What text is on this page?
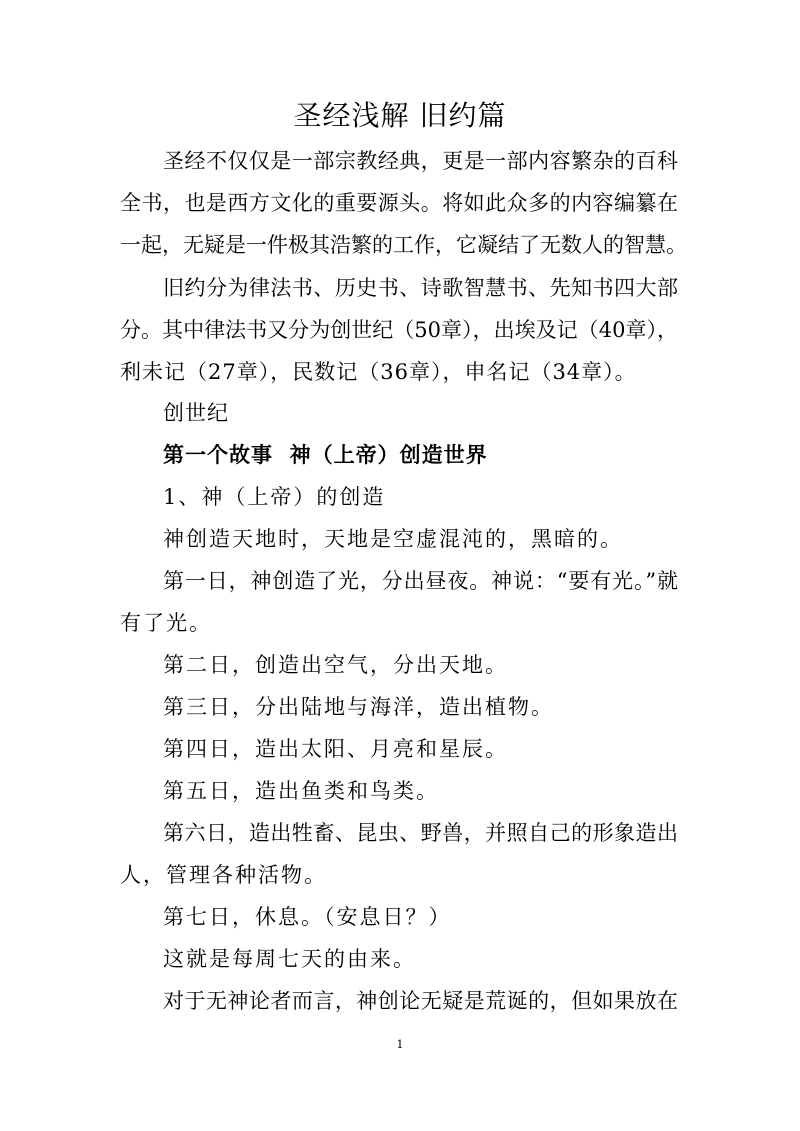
圣经浅解 旧约篇
圣经不仅仅是一部宗教经典，更是一部内容繁杂的百科
全书，也是西方文化的重要源头。将如此众多的内容编纂在
一起，无疑是一件极其浩繁的工作，它凝结了无数人的智慧。
旧约分为律法书、历史书、诗歌智慧书、先知书四大部
分。其中律法书又分为创世纪（50章），出埃及记（40章），
利未记（27章），民数记（36章），申名记（34章）。
创世纪
第一个故事  神（上帝）创造世界
1、神（上帝）的创造
神创造天地时，天地是空虚混沌的，黑暗的。
第一日，神创造了光，分出昼夜。神说：“要有光。”就
有了光。
第二日，创造出空气，分出天地。
第三日，分出陆地与海洋，造出植物。
第四日，造出太阳、月亮和星辰。
第五日，造出鱼类和鸟类。
第六日，造出牲畜、昆虫、野兽，并照自己的形象造出
人，管理各种活物。
第七日，休息。（安息日？）
这就是每周七天的由来。
对于无神论者而言，神创论无疑是荒诞的，但如果放在
1
